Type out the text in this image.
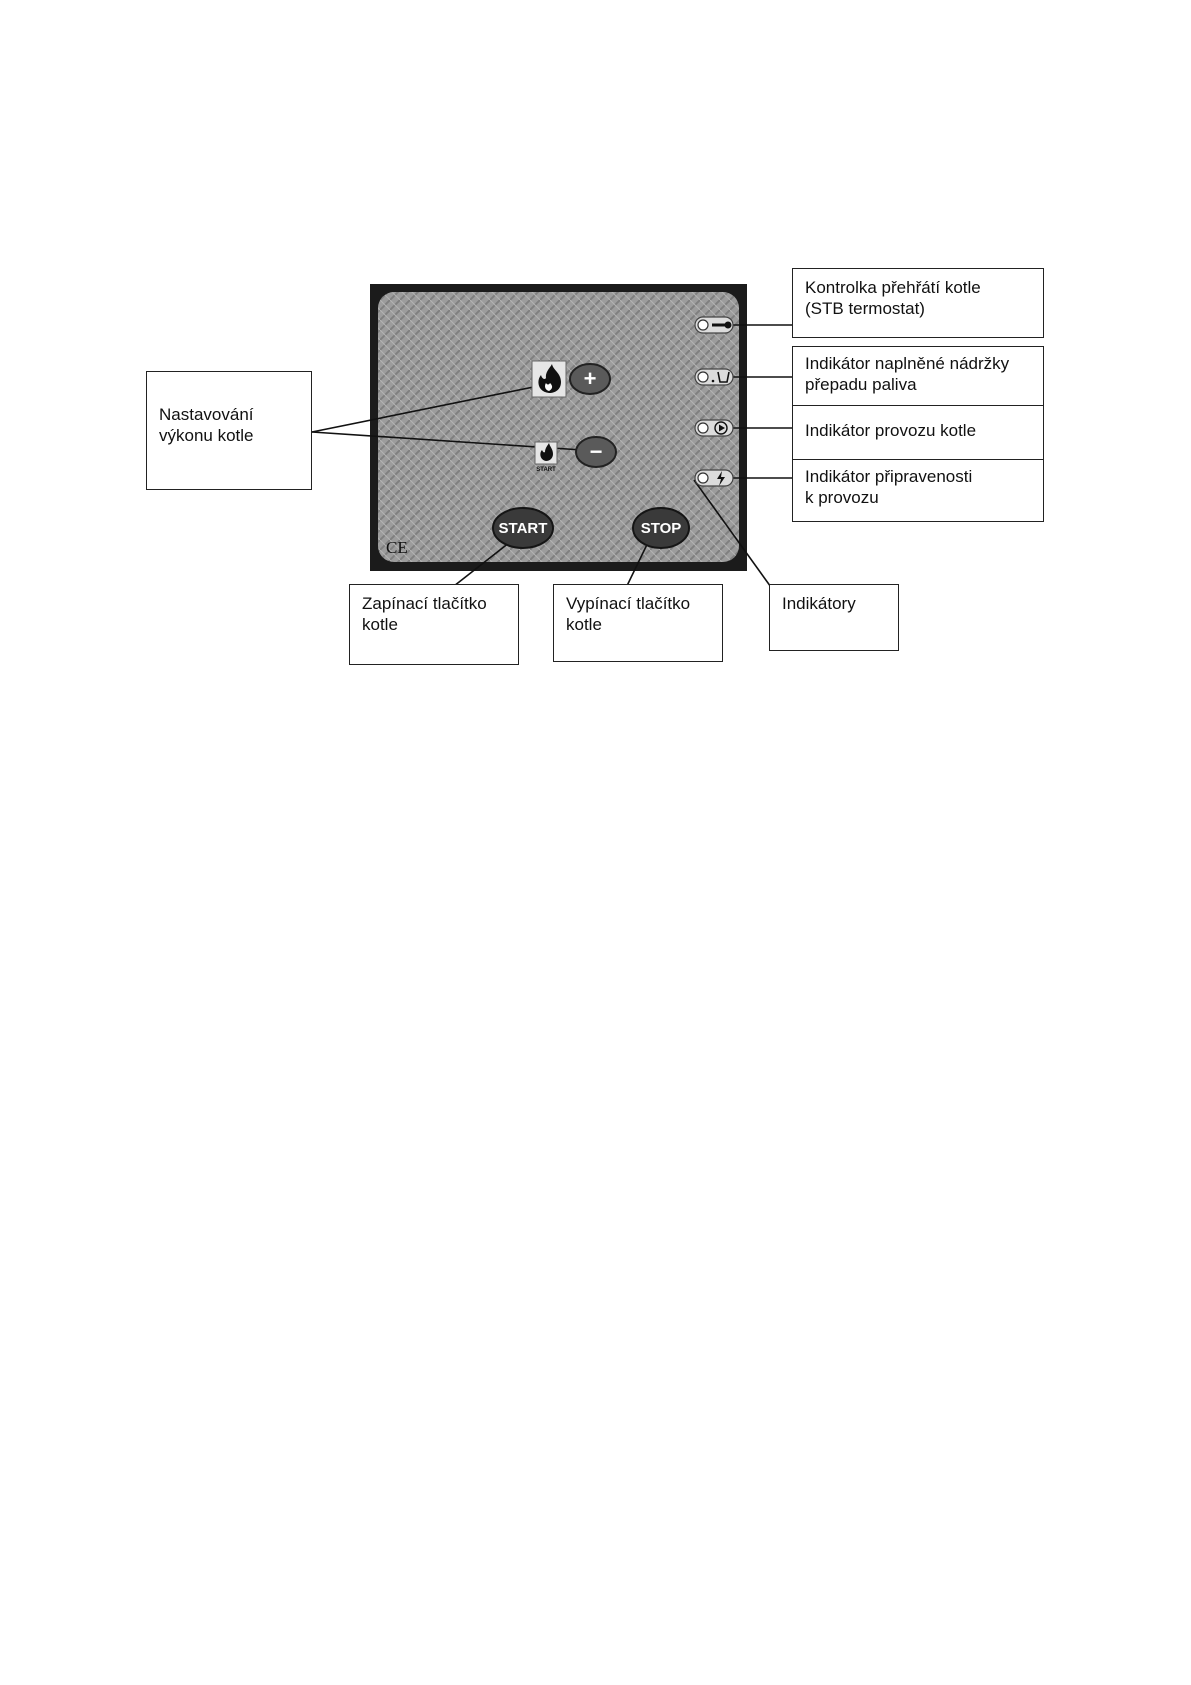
+
START
−
START	STOP
CE
Kontrolka přehřátí kotle
(STB termostat)
Indikátor naplněné nádržky
přepadu paliva
Indikátor provozu kotle
Indikátor připravenosti
k provozu
Nastavování
výkonu kotle
Zapínací tlačítko
kotle
Vypínací tlačítko
kotle
Indikátory
